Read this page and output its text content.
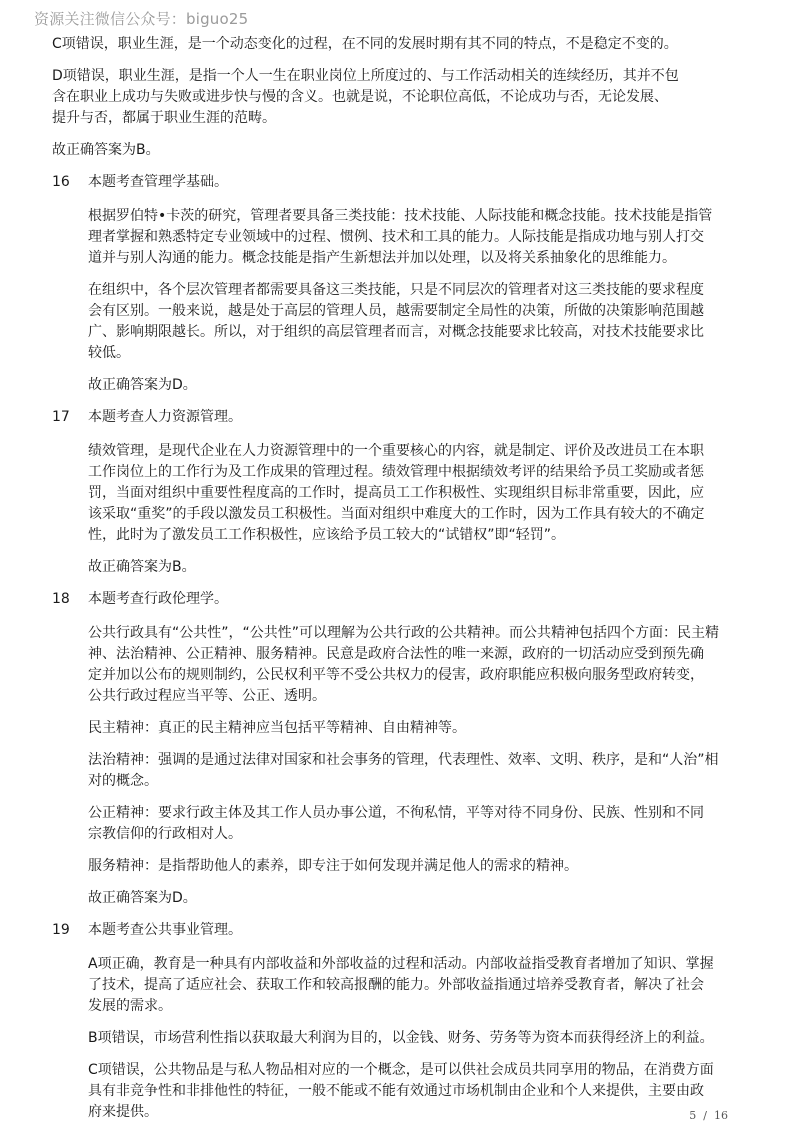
资源关注微信公众号：biguo25
C项错误，职业生涯，是一个动态变化的过程，在不同的发展时期有其不同的特点，不是稳定不变的。
D项错误，职业生涯，是指一个人一生在职业岗位上所度过的、与工作活动相关的连续经历，其并不包
含在职业上成功与失败或进步快与慢的含义。也就是说，不论职位高低，不论成功与否，无论发展、
提升与否，都属于职业生涯的范畴。
故正确答案为B。
16 本题考查管理学基础。
根据罗伯特•卡茨的研究，管理者要具备三类技能：技术技能、人际技能和概念技能。技术技能是指管
理者掌握和熟悉特定专业领域中的过程、惯例、技术和工具的能力。人际技能是指成功地与别人打交
道并与别人沟通的能力。概念技能是指产生新想法并加以处理，以及将关系抽象化的思维能力。
在组织中，各个层次管理者都需要具备这三类技能，只是不同层次的管理者对这三类技能的要求程度
会有区别。一般来说，越是处于高层的管理人员，越需要制定全局性的决策，所做的决策影响范围越
广、影响期限越长。所以，对于组织的高层管理者而言，对概念技能要求比较高，对技术技能要求比
较低。
故正确答案为D。
17 本题考查人力资源管理。
绩效管理，是现代企业在人力资源管理中的一个重要核心的内容，就是制定、评价及改进员工在本职
工作岗位上的工作行为及工作成果的管理过程。绩效管理中根据绩效考评的结果给予员工奖励或者惩
罚，当面对组织中重要性程度高的工作时，提高员工工作积极性、实现组织目标非常重要，因此，应
该采取“重奖”的手段以激发员工积极性。当面对组织中难度大的工作时，因为工作具有较大的不确定
性，此时为了激发员工工作积极性，应该给予员工较大的“试错权”即“轻罚”。
故正确答案为B。
18 本题考查行政伦理学。
公共行政具有“公共性”，“公共性”可以理解为公共行政的公共精神。而公共精神包括四个方面：民主精
神、法治精神、公正精神、服务精神。民意是政府合法性的唯一来源，政府的一切活动应受到预先确
定并加以公布的规则制约，公民权利平等不受公共权力的侵害，政府职能应积极向服务型政府转变，
公共行政过程应当平等、公正、透明。
民主精神：真正的民主精神应当包括平等精神、自由精神等。
法治精神：强调的是通过法律对国家和社会事务的管理，代表理性、效率、文明、秩序，是和“人治”相
对的概念。
公正精神：要求行政主体及其工作人员办事公道，不徇私情，平等对待不同身份、民族、性别和不同
宗教信仰的行政相对人。
服务精神：是指帮助他人的素养，即专注于如何发现并满足他人的需求的精神。
故正确答案为D。
19 本题考查公共事业管理。
A项正确，教育是一种具有内部收益和外部收益的过程和活动。内部收益指受教育者增加了知识、掌握
了技术，提高了适应社会、获取工作和较高报酬的能力。外部收益指通过培养受教育者，解决了社会
发展的需求。
B项错误，市场营利性指以获取最大利润为目的，以金钱、财务、劳务等为资本而获得经济上的利益。
C项错误，公共物品是与私人物品相对应的一个概念，是可以供社会成员共同享用的物品，在消费方面
具有非竞争性和非排他性的特征，一般不能或不能有效通过市场机制由企业和个人来提供，主要由政
府来提供。	5 / 16
